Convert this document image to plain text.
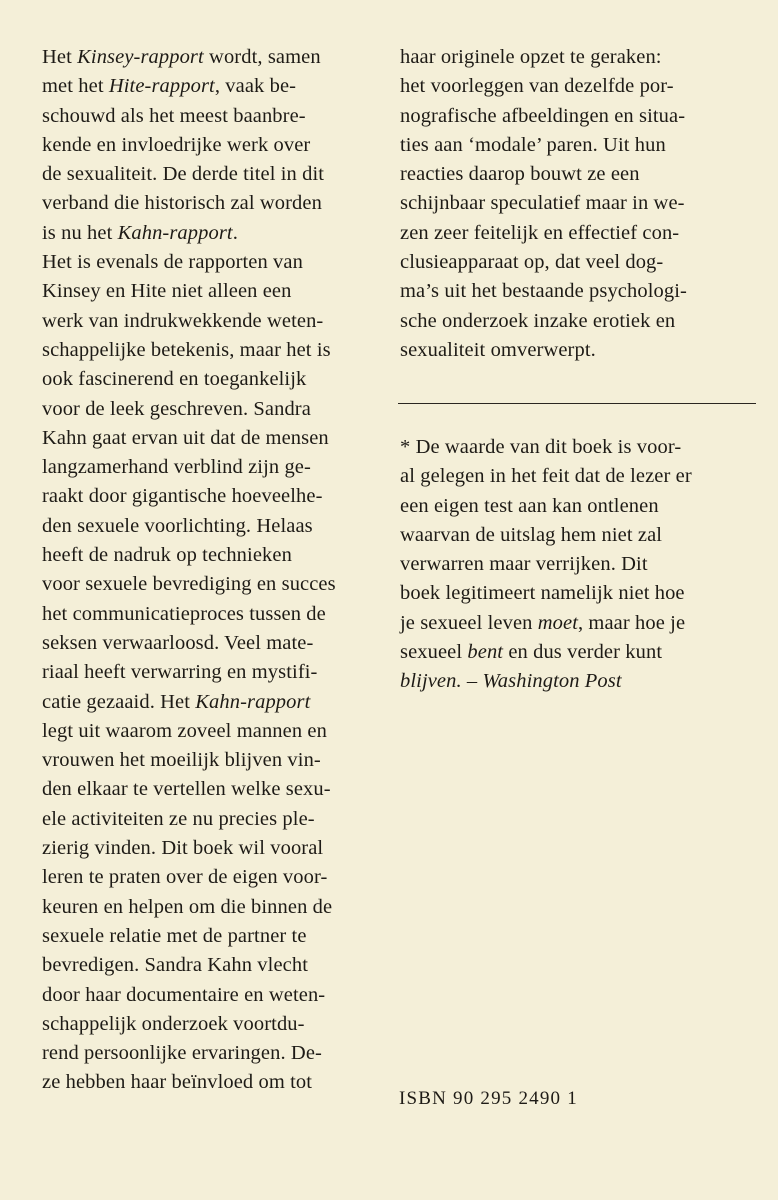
Het Kinsey-rapport wordt, samen
met het Hite-rapport, vaak be-
schouwd als het meest baanbre-
kende en invloedrijke werk over
de sexualiteit. De derde titel in dit
verband die historisch zal worden
is nu het Kahn-rapport.
Het is evenals de rapporten van
Kinsey en Hite niet alleen een
werk van indrukwekkende weten-
schappelijke betekenis, maar het is
ook fascinerend en toegankelijk
voor de leek geschreven. Sandra
Kahn gaat ervan uit dat de mensen
langzamerhand verblind zijn ge-
raakt door gigantische hoeveelhe-
den sexuele voorlichting. Helaas
heeft de nadruk op technieken
voor sexuele bevrediging en succes
het communicatieproces tussen de
seksen verwaarloosd. Veel mate-
riaal heeft verwarring en mystifi-
catie gezaaid. Het Kahn-rapport
legt uit waarom zoveel mannen en
vrouwen het moeilijk blijven vin-
den elkaar te vertellen welke sexu-
ele activiteiten ze nu precies ple-
zierig vinden. Dit boek wil vooral
leren te praten over de eigen voor-
keuren en helpen om die binnen de
sexuele relatie met de partner te
bevredigen. Sandra Kahn vlecht
door haar documentaire en weten-
schappelijk onderzoek voortdu-
rend persoonlijke ervaringen. De-
ze hebben haar beïnvloed om tot
haar originele opzet te geraken:
het voorleggen van dezelfde por-
nografische afbeeldingen en situa-
ties aan ‘modale’ paren. Uit hun
reacties daarop bouwt ze een
schijnbaar speculatief maar in we-
zen zeer feitelijk en effectief con-
clusieapparaat op, dat veel dog-
ma’s uit het bestaande psychologi-
sche onderzoek inzake erotiek en
sexualiteit omverwerpt.
* De waarde van dit boek is voor-
al gelegen in het feit dat de lezer er
een eigen test aan kan ontlenen
waarvan de uitslag hem niet zal
verwarren maar verrijken. Dit
boek legitimeert namelijk niet hoe
je sexueel leven moet, maar hoe je
sexueel bent en dus verder kunt
blijven. – Washington Post
ISBN 90 295 2490 1
